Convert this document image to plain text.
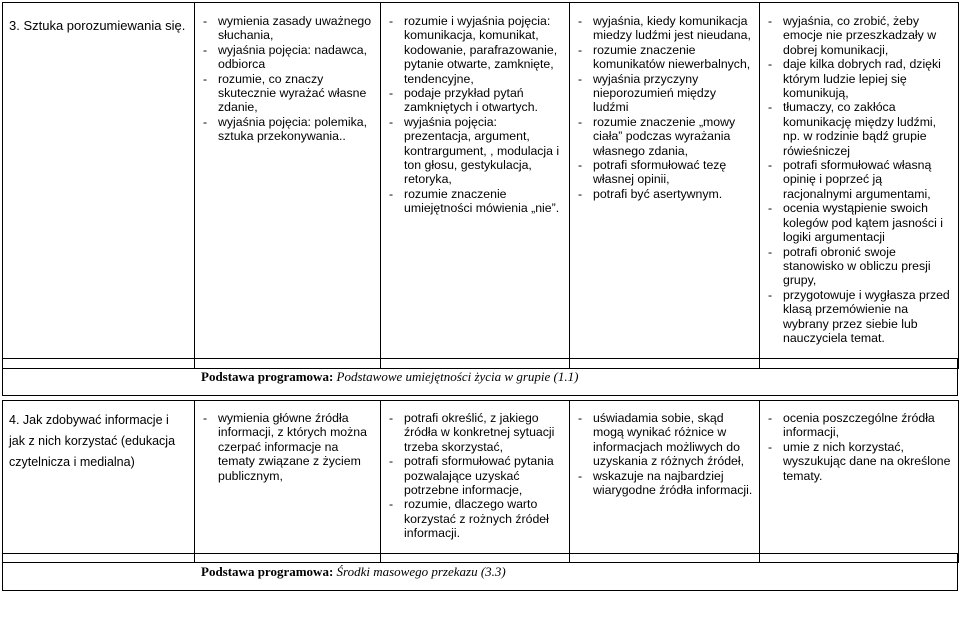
3. Sztuka porozumiewania się.

-wymienia zasady uważnego słuchania,
- wyjaśnia pojęcia: nadawca, odbiorca
- rozumie, co znaczy skutecznie wyrażać własne zdanie,
- wyjaśnia pojęcia: polemika, sztuka przekonywania..

- rozumie i wyjaśnia pojęcia: komunikacja, komunikat, kodowanie, parafrazowanie, pytanie otwarte, zamknięte, tendencyjne,
- podaje przykład pytań zamkniętych i otwartych.
- wyjaśnia pojęcia: prezentacja, argument, kontrargument, , modulacja i ton głosu, gestykulacja, retoryka,
- rozumie znaczenie umiejętności mówienia „nie”.

- wyjaśnia, kiedy komunikacja miedzy ludźmi jest nieudana,
- rozumie znaczenie komunikatów niewerbalnych,
- wyjaśnia przyczyny nieporozumień między ludźmi
- rozumie znaczenie „mowy ciała” podczas wyrażania własnego zdania,
- potrafi sformułować tezę własnej opinii,
- potrafi być asertywnym.

- wyjaśnia, co zrobić, żeby emocje nie przeszkadzały w dobrej komunikacji,
- daje kilka dobrych rad, dzięki którym ludzie lepiej się komunikują,
- tłumaczy, co zakłóca komunikację między ludźmi, np. w rodzinie bądź grupie rówieśniczej
- potrafi sformułować własną opinię i poprzeć ją racjonalnymi argumentami,
- ocenia wystąpienie swoich kolegów pod kątem jasności i logiki argumentacji
- potrafi obronić swoje stanowisko w obliczu presji grupy,
- przygotowuje i wygłasza przed klasą przemówienie na wybrany przez siebie lub nauczyciela temat.
Podstawa programowa: Podstawowe umiejętności życia w grupie (1.1)
4. Jak zdobywać informacje i jak z nich korzystać (edukacja czytelnicza i medialna)

- wymienia główne źródła informacji, z których można czerpać informacje na tematy związane z życiem publicznym,

- potrafi określić, z jakiego źródła w konkretnej sytuacji trzeba skorzystać,
- potrafi sformułować pytania pozwalające uzyskać potrzebne informacje,
- rozumie, dlaczego warto korzystać z rożnych źródeł informacji.

- uświadamia sobie, skąd mogą wynikać różnice w informacjach możliwych do uzyskania z różnych źródeł,
- wskazuje na najbardziej wiarygodne źródła informacji.

- ocenia poszczególne źródła informacji,
- umie z nich korzystać, wyszukując dane na określone tematy.
Podstawa programowa: Środki masowego przekazu (3.3)
